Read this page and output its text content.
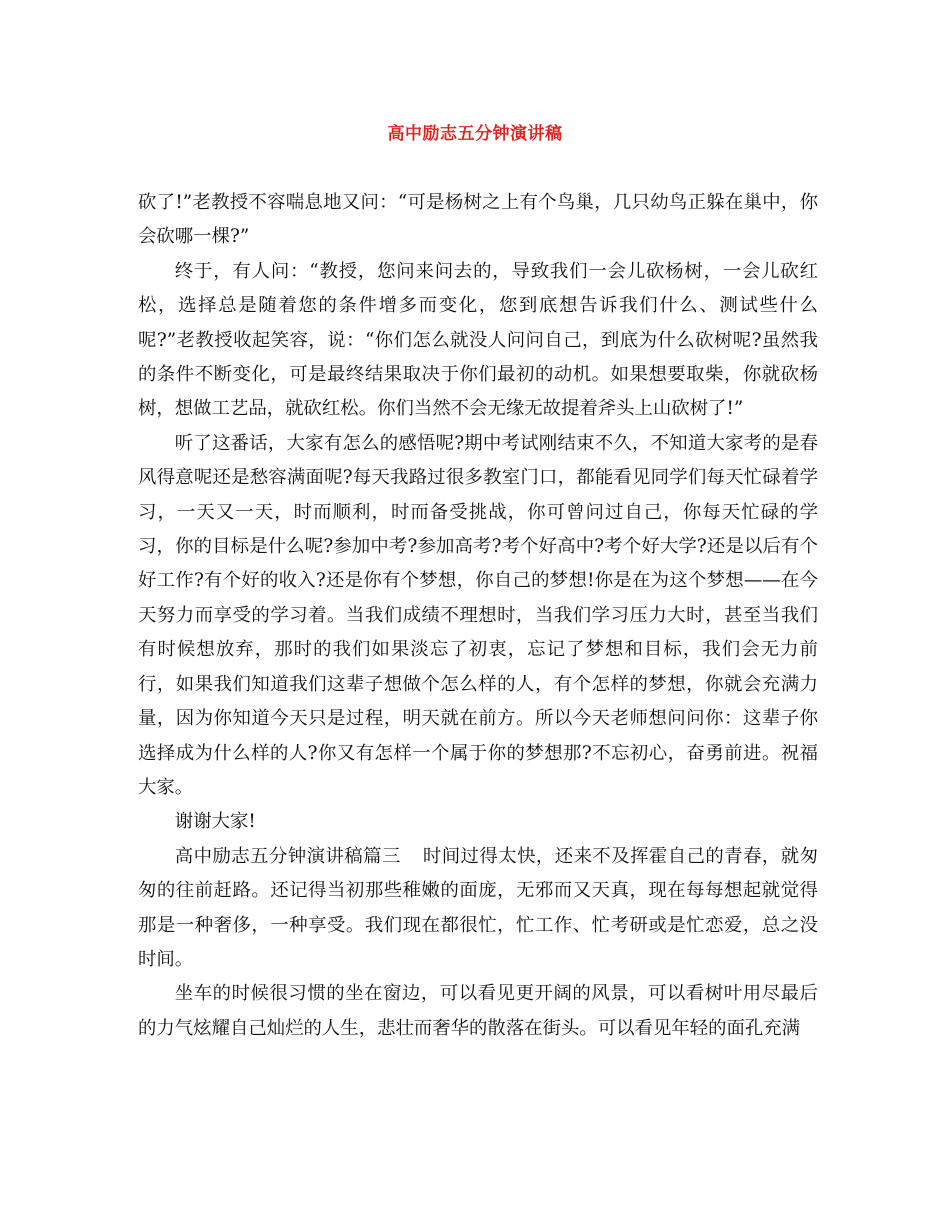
高中励志五分钟演讲稿

砍了!”老教授不容喘息地又问：“可是杨树之上有个鸟巢，几只幼鸟正躲在巢中，你会砍哪一棵?”

终于，有人问：“教授，您问来问去的，导致我们一会儿砍杨树，一会儿砍红松，选择总是随着您的条件增多而变化，您到底想告诉我们什么、测试些什么呢?”老教授收起笑容，说：“你们怎么就没人问问自己，到底为什么砍树呢?虽然我的条件不断变化，可是最终结果取决于你们最初的动机。如果想要取柴，你就砍杨树，想做工艺品，就砍红松。你们当然不会无缘无故提着斧头上山砍树了!”

听了这番话，大家有怎么的感悟呢?期中考试刚结束不久，不知道大家考的是春风得意呢还是愁容满面呢?每天我路过很多教室门口，都能看见同学们每天忙碌着学习，一天又一天，时而顺利，时而备受挑战，你可曾问过自己，你每天忙碌的学习，你的目标是什么呢?参加中考?参加高考?考个好高中?考个好大学?还是以后有个好工作?有个好的收入?还是你有个梦想，你自己的梦想!你是在为这个梦想——在今天努力而享受的学习着。当我们成绩不理想时，当我们学习压力大时，甚至当我们有时候想放弃，那时的我们如果淡忘了初衷，忘记了梦想和目标，我们会无力前行，如果我们知道我们这辈子想做个怎么样的人，有个怎样的梦想，你就会充满力量，因为你知道今天只是过程，明天就在前方。所以今天老师想问问你：这辈子你选择成为什么样的人?你又有怎样一个属于你的梦想那?不忘初心，奋勇前进。祝福大家。

谢谢大家!

高中励志五分钟演讲稿篇三 时间过得太快，还来不及挥霍自己的青春，就匆匆的往前赶路。还记得当初那些稚嫩的面庞，无邪而又天真，现在每每想起就觉得那是一种奢侈，一种享受。我们现在都很忙，忙工作、忙考研或是忙恋爱，总之没时间。

坐车的时候很习惯的坐在窗边，可以看见更开阔的风景，可以看树叶用尽最后的力气炫耀自己灿烂的人生，悲壮而奢华的散落在街头。可以看见年轻的面孔充满
